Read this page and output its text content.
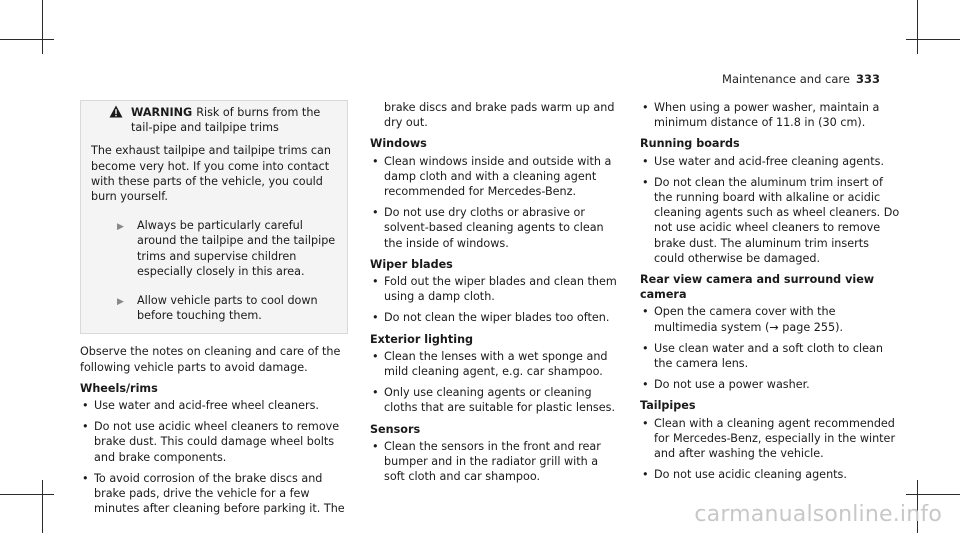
Maintenance and care 333
WARNING Risk of burns from the tail-pipe and tailpipe trims

The exhaust tailpipe and tailpipe trims can become very hot. If you come into contact with these parts of the vehicle, you could burn yourself.

▶	Always be particularly careful around the tailpipe and the tailpipe trims and supervise children especially closely in this area.
▶	Allow vehicle parts to cool down before touching them.

Observe the notes on cleaning and care of the following vehicle parts to avoid damage.

Wheels/rims
• Use water and acid-free wheel cleaners.
• Do not use acidic wheel cleaners to remove brake dust. This could damage wheel bolts and brake components.
• To avoid corrosion of the brake discs and brake pads, drive the vehicle for a few minutes after cleaning before parking it. The

brake discs and brake pads warm up and dry out.

Windows
• Clean windows inside and outside with a damp cloth and with a cleaning agent recommended for Mercedes-Benz.
• Do not use dry cloths or abrasive or solvent-based cleaning agents to clean the inside of windows.
Wiper blades
• Fold out the wiper blades and clean them using a damp cloth.
• Do not clean the wiper blades too often.
Exterior lighting
• Clean the lenses with a wet sponge and mild cleaning agent, e.g. car shampoo.
• Only use cleaning agents or cleaning cloths that are suitable for plastic lenses.
Sensors
• Clean the sensors in the front and rear bumper and in the radiator grill with a soft cloth and car shampoo.
• When using a power washer, maintain a minimum distance of 11.8 in (30 cm).
Running boards
• Use water and acid-free cleaning agents.
• Do not clean the aluminum trim insert of the running board with alkaline or acidic cleaning agents such as wheel cleaners. Do not use acidic wheel cleaners to remove brake dust. The aluminum trim inserts could otherwise be damaged.
Rear view camera and surround view camera
• Open the camera cover with the multimedia system (→ page 255).
• Use clean water and a soft cloth to clean the camera lens.
• Do not use a power washer.
Tailpipes
• Clean with a cleaning agent recommended for Mercedes-Benz, especially in the winter and after washing the vehicle.
• Do not use acidic cleaning agents.
carmanualsonline.info
